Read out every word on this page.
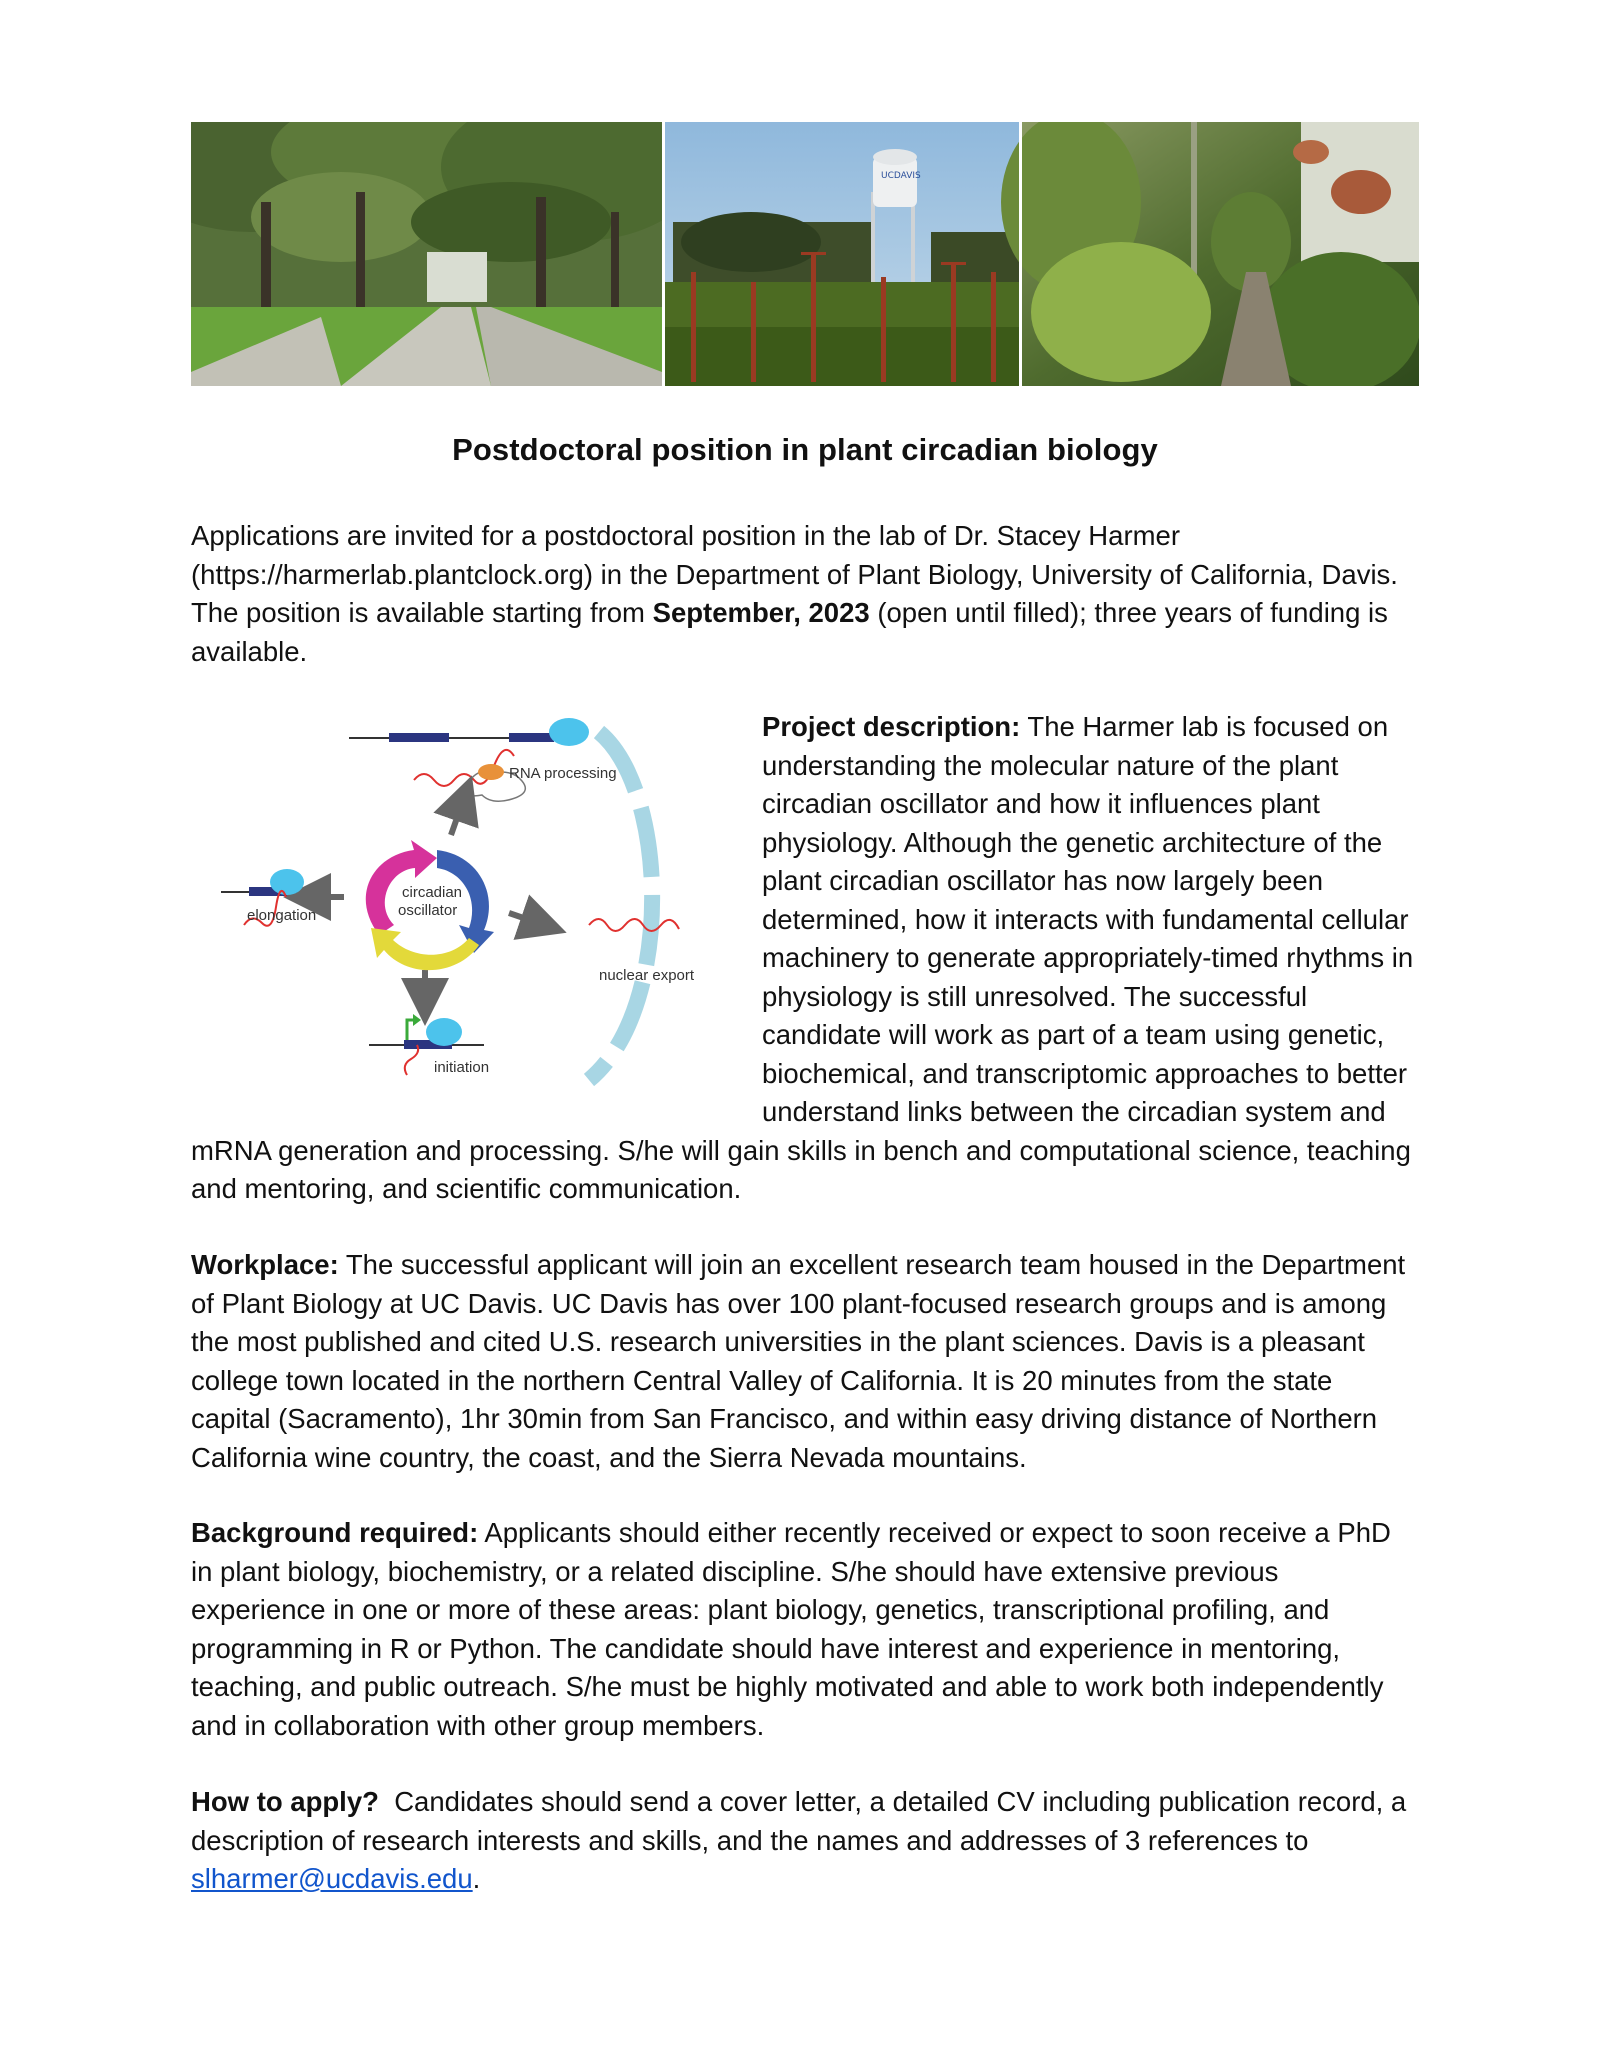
UCDAVIS
Postdoctoral position in plant circadian biology
Applications are invited for a postdoctoral position in the lab of Dr. Stacey Harmer (https://harmerlab.plantclock.org) in the Department of Plant Biology, University of California, Davis. The position is available starting from September, 2023 (open until filled); three years of funding is available.
RNA processing
circadian
oscillator
elongation
nuclear export
initiation
Project description: The Harmer lab is focused on understanding the molecular nature of the plant circadian oscillator and how it influences plant physiology. Although the genetic architecture of the plant circadian oscillator has now largely been determined, how it interacts with fundamental cellular machinery to generate appropriately-timed rhythms in physiology is still unresolved. The successful candidate will work as part of a team using genetic, biochemical, and transcriptomic approaches to better understand links between the circadian system and mRNA generation and processing. S/he will gain skills in bench and computational science, teaching and mentoring, and scientific communication.
Workplace: The successful applicant will join an excellent research team housed in the Department of Plant Biology at UC Davis. UC Davis has over 100 plant-focused research groups and is among the most published and cited U.S. research universities in the plant sciences. Davis is a pleasant college town located in the northern Central Valley of California. It is 20 minutes from the state capital (Sacramento), 1hr 30min from San Francisco, and within easy driving distance of Northern California wine country, the coast, and the Sierra Nevada mountains.
Background required: Applicants should either recently received or expect to soon receive a PhD in plant biology, biochemistry, or a related discipline. S/he should have extensive previous experience in one or more of these areas: plant biology, genetics, transcriptional profiling, and programming in R or Python. The candidate should have interest and experience in mentoring, teaching, and public outreach. S/he must be highly motivated and able to work both independently and in collaboration with other group members.
How to apply?  Candidates should send a cover letter, a detailed CV including publication record, a description of research interests and skills, and the names and addresses of 3 references to slharmer@ucdavis.edu.
